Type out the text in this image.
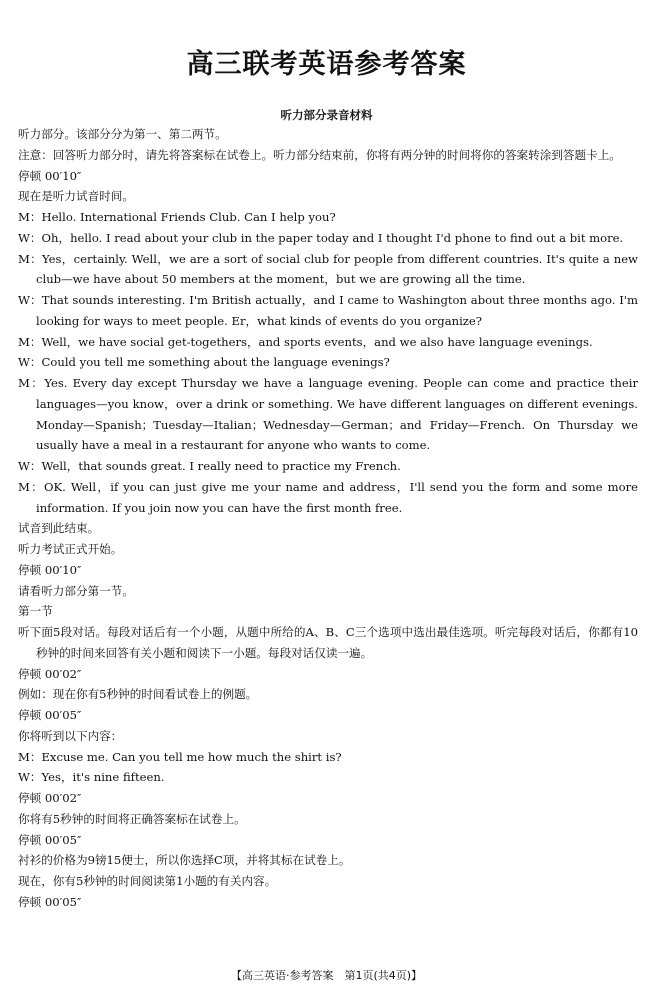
高三联考英语参考答案
听力部分录音材料

听力部分。该部分分为第一、第二两节。

注意：回答听力部分时，请先将答案标在试卷上。听力部分结束前，你将有两分钟的时间将你的答案转涂到答题卡上。

停顿 00′10″

现在是听力试音时间。

M：Hello. International Friends Club. Can I help you?

W：Oh，hello. I read about your club in the paper today and I thought I'd phone to find out a bit more.

M：Yes，certainly. Well，we are a sort of social club for people from different countries. It's quite a new club—we have about 50 members at the moment，but we are growing all the time.

W：That sounds interesting. I'm British actually，and I came to Washington about three months ago. I'm looking for ways to meet people. Er，what kinds of events do you organize?

M：Well，we have social get-togethers，and sports events，and we also have language evenings.

W：Could you tell me something about the language evenings?

M：Yes. Every day except Thursday we have a language evening. People can come and practice their languages—you know，over a drink or something. We have different languages on different evenings. Monday—Spanish；Tuesday—Italian；Wednesday—German；and Friday—French. On Thursday we usually have a meal in a restaurant for anyone who wants to come.

W：Well，that sounds great. I really need to practice my French.

M：OK. Well，if you can just give me your name and address，I'll send you the form and some more information. If you join now you can have the first month free.

试音到此结束。

听力考试正式开始。

停顿 00′10″

请看听力部分第一节。

第一节

听下面5段对话。每段对话后有一个小题，从题中所给的A、B、C三个选项中选出最佳选项。听完每段对话后，你都有10秒钟的时间来回答有关小题和阅读下一小题。每段对话仅读一遍。

停顿 00′02″

例如：现在你有5秒钟的时间看试卷上的例题。

停顿 00′05″

你将听到以下内容：

M：Excuse me. Can you tell me how much the shirt is?

W：Yes，it's nine fifteen.

停顿 00′02″

你将有5秒钟的时间将正确答案标在试卷上。

停顿 00′05″

衬衫的价格为9镑15便士，所以你选择C项，并将其标在试卷上。

现在，你有5秒钟的时间阅读第1小题的有关内容。

停顿 00′05″

【高三英语·参考答案　第1页(共4页)】
